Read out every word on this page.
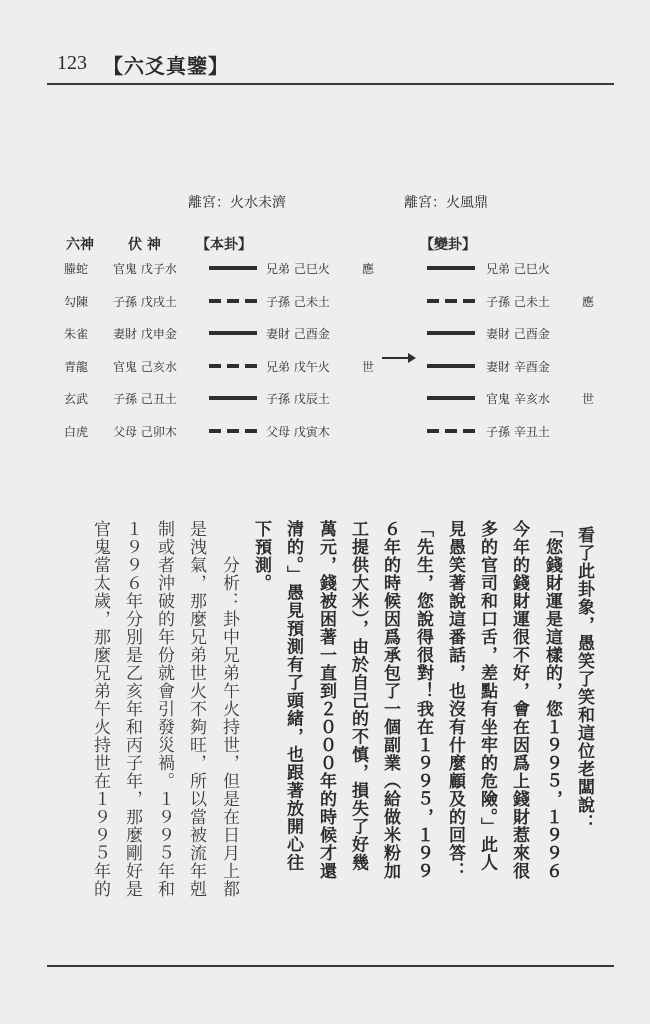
123 【六爻真鑒】
離宮：火水未濟	離宮：火風鼎
六神 伏 神	【本卦】	【變卦】
螣蛇 官鬼 戊子水	兄弟 己巳火	應	兄弟 己巳火
勾陳 子孫 戊戌土	子孫 己未土	子孫 己未土	應
朱雀 妻財 戊申金	妻財 己酉金	妻財 己酉金
青龍 官鬼 己亥水	兄弟 戊午火	世	妻財 辛酉金
玄武 子孫 己丑土	子孫 戊辰土	官鬼 辛亥水	世
白虎 父母 己卯木	父母 戊寅木	子孫 辛丑土
看了此卦象，愚笑了笑和這位老闆說：
「您錢財運是這樣的，您１９９５，１９９６
今年的錢財運很不好，會在因爲上錢財惹來很
多的官司和口舌，差點有坐牢的危險。」此人
見愚笑著說這番話，也沒有什麼顧及的回答：
「先生，您說得很對！我在１９９５，１９９
６年的時候因爲承包了一個副業（給做米粉加
工提供大米），由於自己的不慎，損失了好幾
萬元，錢被困著一直到２０００年的時候才還
清的。」愚見預測有了頭緒，也跟著放開心往
下預測。
　　分析：卦中兄弟午火持世，但是在日月上都
是洩氣，那麼兄弟世火不夠旺，所以當被流年剋
制或者沖破的年份就會引發災禍。１９９５年和
１９９６年分別是乙亥年和丙子年，那麼剛好是
官鬼當太歲，那麼兄弟午火持世在１９９５年的
